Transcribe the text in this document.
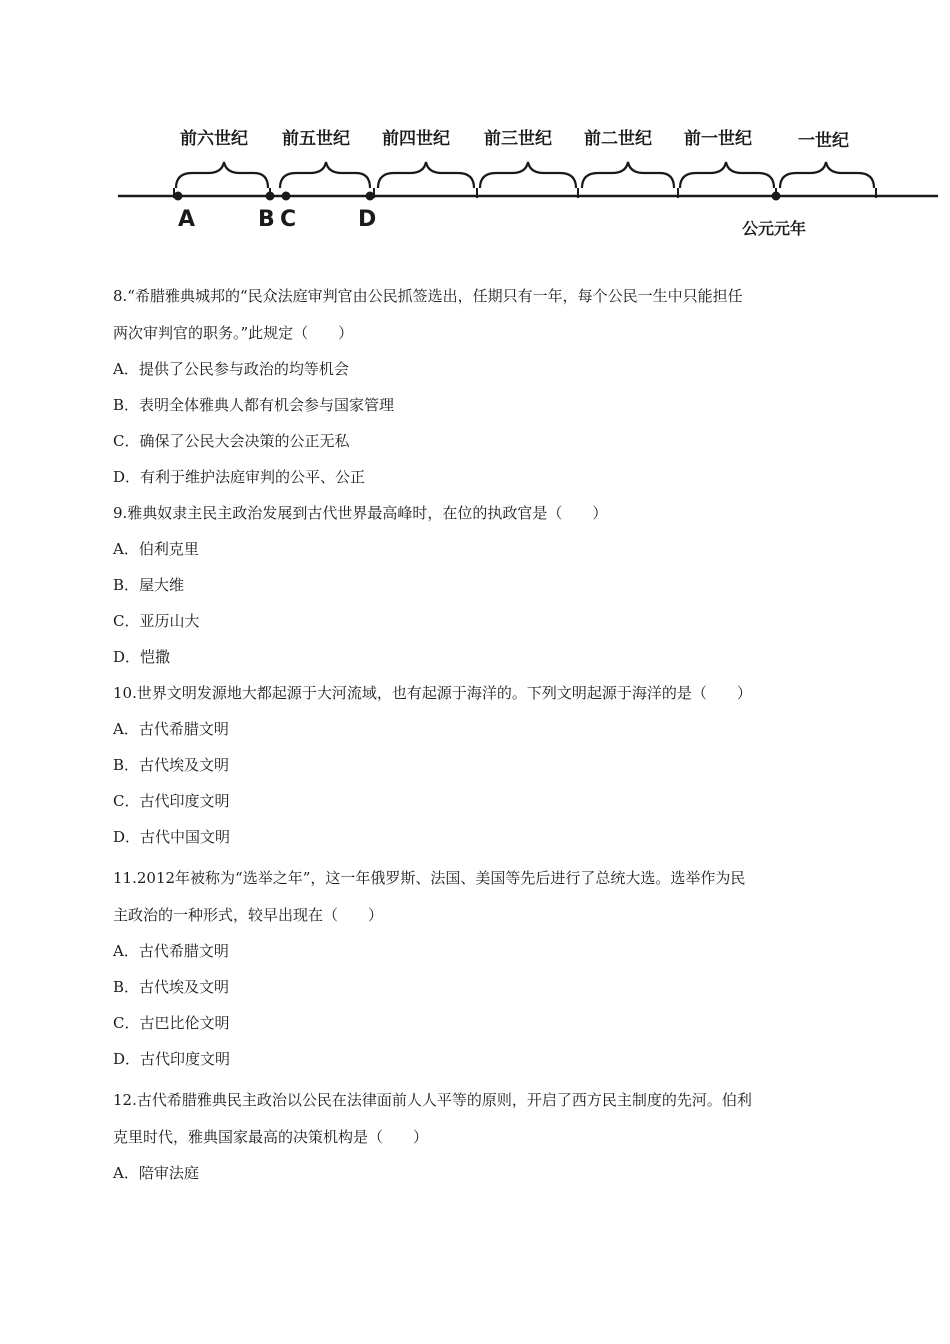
前六世纪 前五世纪 前四世纪 前三世纪 前二世纪 前一世纪	一世纪
A	B C	D	公元元年
8.“希腊雅典城邦的“民众法庭审判官由公民抓签选出，任期只有一年，每个公民一生中只能担任
两次审判官的职务。”此规定（　　）
A．提供了公民参与政治的均等机会
B．表明全体雅典人都有机会参与国家管理
C．确保了公民大会决策的公正无私
D．有利于维护法庭审判的公平、公正
9.雅典奴隶主民主政治发展到古代世界最高峰时，在位的执政官是（　　）
A．伯利克里
B．屋大维
C．亚历山大
D．恺撒
10.世界文明发源地大都起源于大河流域，也有起源于海洋的。下列文明起源于海洋的是（　　）
A．古代希腊文明
B．古代埃及文明
C．古代印度文明
D．古代中国文明
11.2012年被称为“选举之年”，这一年俄罗斯、法国、美国等先后进行了总统大选。选举作为民
主政治的一种形式，较早出现在（　　）
A．古代希腊文明
B．古代埃及文明
C．古巴比伦文明
D．古代印度文明
12.古代希腊雅典民主政治以公民在法律面前人人平等的原则，开启了西方民主制度的先河。伯利
克里时代，雅典国家最高的决策机构是（　　）
A．陪审法庭
